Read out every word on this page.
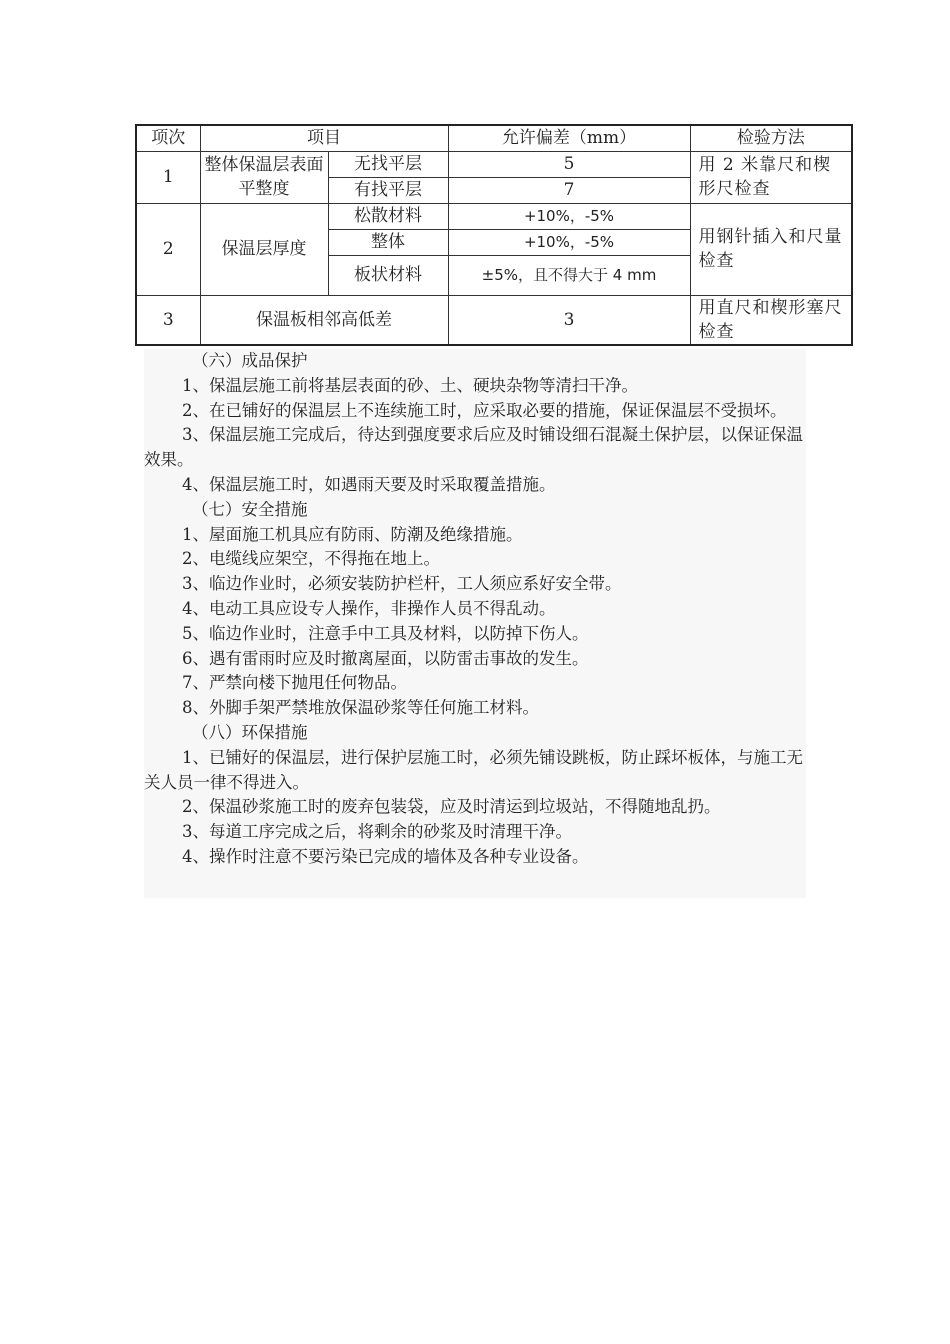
项次	项目		允许偏差（mm）	检验方法
1	整体保温层表面平整度	无找平层	5	用 2 米靠尺和楔形尺检查
		有找平层	7	
2	保温层厚度	松散材料	+10%，-5%	用钢针插入和尺量检查
		整体	+10%，-5%	
		板状材料	±5%，且不得大于 4 mm	
3	保温板相邻高低差		3	用直尺和楔形塞尺检查

（六）成品保护

1、保温层施工前将基层表面的砂、土、硬块杂物等清扫干净。

2、在已铺好的保温层上不连续施工时，应采取必要的措施，保证保温层不受损坏。

3、保温层施工完成后，待达到强度要求后应及时铺设细石混凝土保护层，以保证保温效果。

4、保温层施工时，如遇雨天要及时采取覆盖措施。

（七）安全措施

1、屋面施工机具应有防雨、防潮及绝缘措施。

2、电缆线应架空，不得拖在地上。

3、临边作业时，必须安装防护栏杆，工人须应系好安全带。

4、电动工具应设专人操作，非操作人员不得乱动。

5、临边作业时，注意手中工具及材料，以防掉下伤人。

6、遇有雷雨时应及时撤离屋面，以防雷击事故的发生。

7、严禁向楼下抛甩任何物品。

8、外脚手架严禁堆放保温砂浆等任何施工材料。

（八）环保措施

1、已铺好的保温层，进行保护层施工时，必须先铺设跳板，防止踩坏板体，与施工无关人员一律不得进入。

2、保温砂浆施工时的废弃包装袋，应及时清运到垃圾站，不得随地乱扔。

3、每道工序完成之后，将剩余的砂浆及时清理干净。

4、操作时注意不要污染已完成的墙体及各种专业设备。
